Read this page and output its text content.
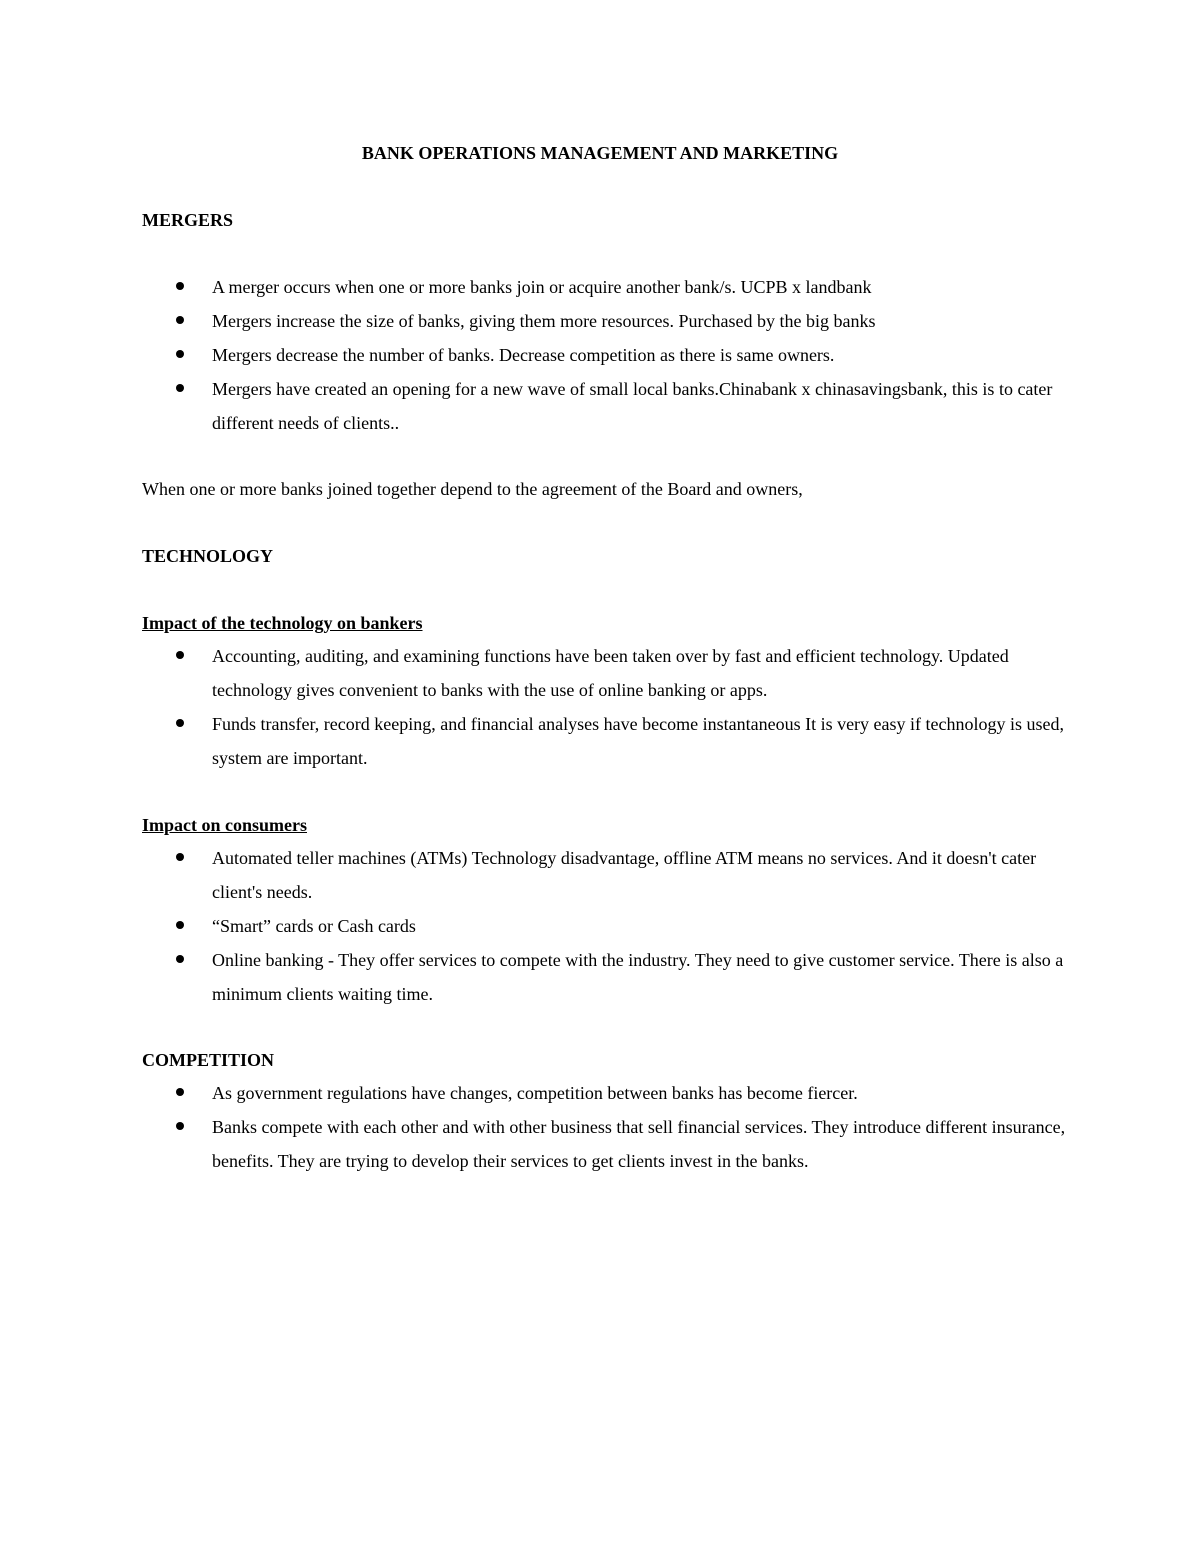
BANK OPERATIONS MANAGEMENT AND MARKETING

MERGERS

A merger occurs when one or more banks join or acquire another bank/s. UCPB x landbank
Mergers increase the size of banks, giving them more resources. Purchased by the big banks
Mergers decrease the number of banks. Decrease competition as there is same owners.
Mergers have created an opening for a new wave of small local banks.Chinabank x chinasavingsbank, this is to cater different needs of clients..

When one or more banks joined together depend to the agreement of the Board and owners,

TECHNOLOGY

Impact of the technology on bankers

Accounting, auditing, and examining functions have been taken over by fast and efficient technology. Updated technology gives convenient to banks with the use of online banking or apps.
Funds transfer, record keeping, and financial analyses have become instantaneous It is very easy if technology is used, system are important.

Impact on consumers

Automated teller machines (ATMs) Technology disadvantage, offline ATM means no services. And it doesn't cater client's needs.
“Smart” cards or Cash cards
Online banking - They offer services to compete with the industry. They need to give customer service. There is also a minimum clients waiting time.

COMPETITION

As government regulations have changes, competition between banks has become fiercer.
Banks compete with each other and with other business that sell financial services. They introduce different insurance, benefits. They are trying to develop their services to get clients invest in the banks.
